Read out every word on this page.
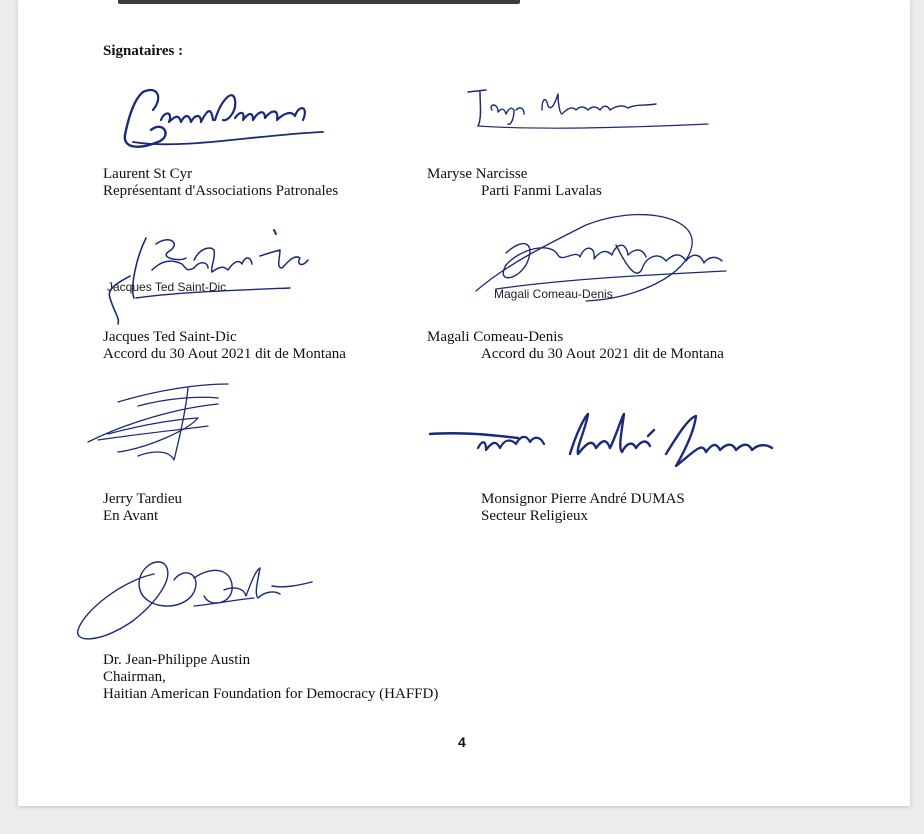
Signataires :
Laurent St Cyr
Représentant d'Associations Patronales
Maryse Narcisse
Parti Fanmi Lavalas
Jacques Ted Saint-Dic	Magali Comeau-Denis
Jacques Ted Saint-Dic
Accord du 30 Aout 2021 dit de Montana
Magali Comeau-Denis
Accord du 30 Aout 2021 dit de Montana
Jerry Tardieu
En Avant
Monsignor Pierre André DUMAS
Secteur Religieux
Dr. Jean-Philippe Austin
Chairman,
Haitian American Foundation for Democracy (HAFFD)
4
